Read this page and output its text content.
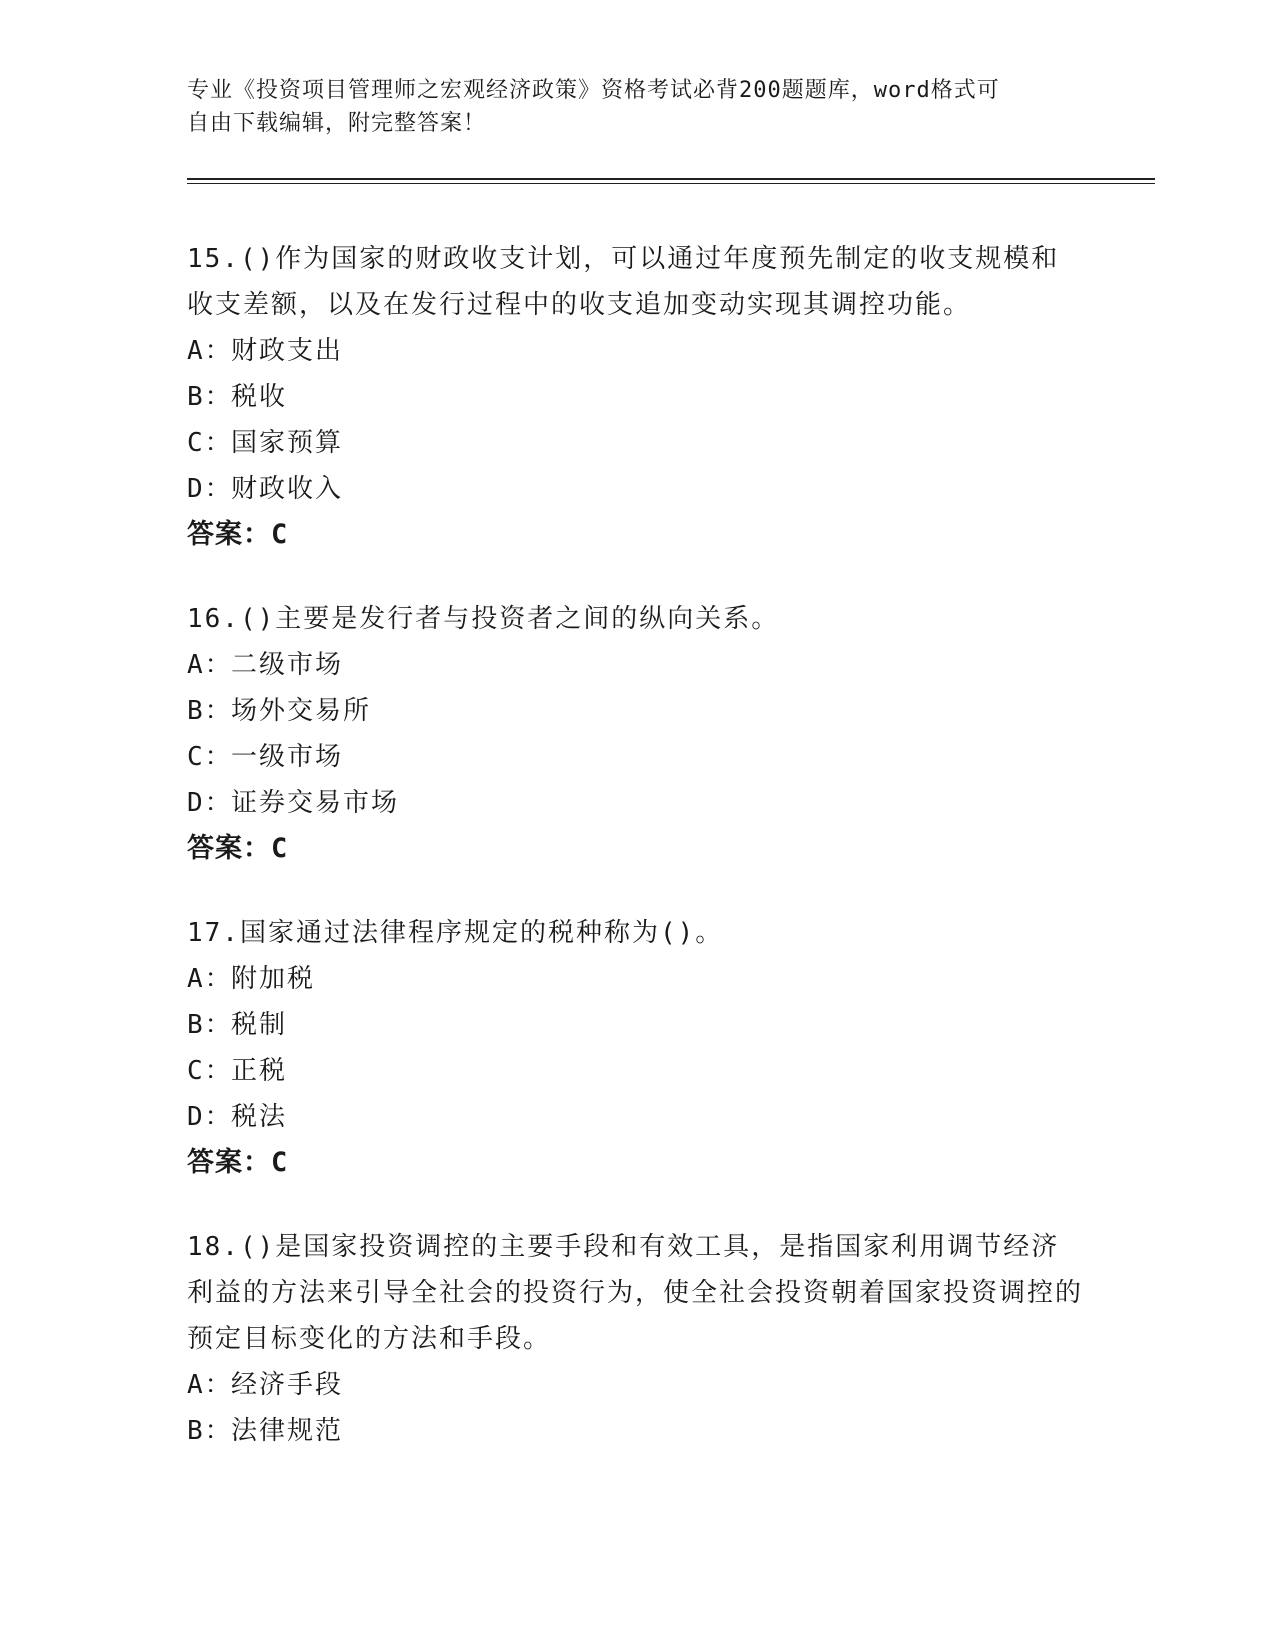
专业《投资项目管理师之宏观经济政策》资格考试必背200题题库，word格式可
自由下载编辑，附完整答案！

15.()作为国家的财政收支计划，可以通过年度预先制定的收支规模和收支差额，以及在发行过程中的收支追加变动实现其调控功能。

A：
财政支出
B：
税收
C：
国家预算
D：
财政收入
答案：C

16.()主要是发行者与投资者之间的纵向关系。

A：
二级市场
B：
场外交易所
C：
一级市场
D：
证券交易市场
答案：C

17.国家通过法律程序规定的税种称为()。

A：
附加税
B：
税制
C：
正税
D：
税法
答案：C

18.()是国家投资调控的主要手段和有效工具，是指国家利用调节经济利益的方法来引导全社会的投资行为，使全社会投资朝着国家投资调控的预定目标变化的方法和手段。

A：
经济手段
B：
法律规范
